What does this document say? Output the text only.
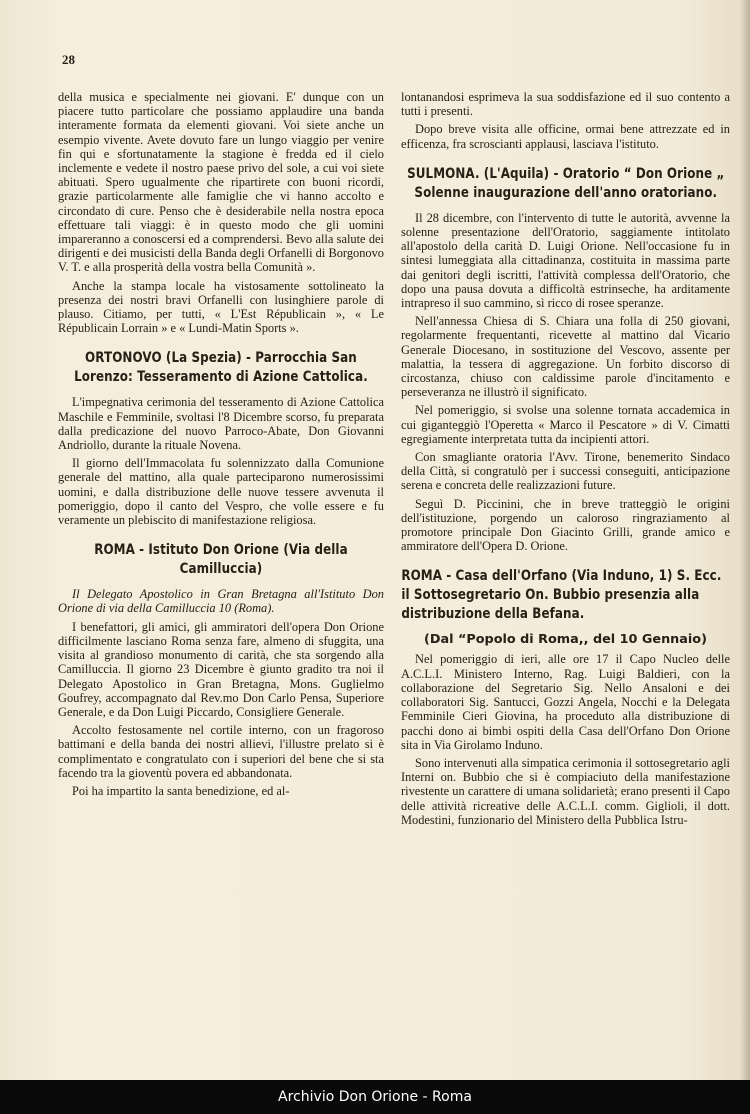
28

della musica e specialmente nei giovani. E' dunque con un piacere tutto particolare che possiamo applaudire una banda interamente formata da elementi giovani. Voi siete anche un esempio vivente. Avete dovuto fare un lungo viaggio per venire fin qui e sfortunatamente la stagione è fredda ed il cielo inclemente e vedete il nostro paese privo del sole, a cui voi siete abituati. Spero ugualmente che ripartirete con buoni ricordi, grazie particolarmente alle famiglie che vi hanno accolto e circondato di cure. Penso che è desiderabile nella nostra epoca effettuare tali viaggi: è in questo modo che gli uomini impareranno a conoscersi ed a comprendersi. Bevo alla salute dei dirigenti e dei musicisti della Banda degli Orfanelli di Borgonovo V. T. e alla prosperità della vostra bella Comunità ».

Anche la stampa locale ha vistosamente sottolineato la presenza dei nostri bravi Orfanelli con lusinghiere parole di plauso. Citiamo, per tutti, « L'Est Républicain », « Le Républicain Lorrain » e « Lundi-Matin Sports ».

ORTONOVO (La Spezia) - Parrocchia San Lorenzo: Tesseramento di Azione Cattolica.

L'impegnativa cerimonia del tesseramento di Azione Cattolica Maschile e Femminile, svoltasi l'8 Dicembre scorso, fu preparata dalla predicazione del nuovo Parroco-Abate, Don Giovanni Andriollo, durante la rituale Novena.

Il giorno dell'Immacolata fu solennizzato dalla Comunione generale del mattino, alla quale parteciparono numerosissimi uomini, e dalla distribuzione delle nuove tessere avvenuta il pomeriggio, dopo il canto del Vespro, che volle essere e fu veramente un plebiscito di manifestazione religiosa.

ROMA - Istituto Don Orione (Via della Camilluccia)

Il Delegato Apostolico in Gran Bretagna all'Istituto Don Orione di via della Camilluccia 10 (Roma).

I benefattori, gli amici, gli ammiratori dell'opera Don Orione difficilmente lasciano Roma senza fare, almeno di sfuggita, una visita al grandioso monumento di carità, che sta sorgendo alla Camilluccia. Il giorno 23 Dicembre è giunto gradito tra noi il Delegato Apostolico in Gran Bretagna, Mons. Guglielmo Goufrey, accompagnato dal Rev.mo Don Carlo Pensa, Superiore Generale, e da Don Luigi Piccardo, Consigliere Generale.

Accolto festosamente nel cortile interno, con un fragoroso battimani e della banda dei nostri allievi, l'illustre prelato si è complimentato e congratulato con i superiori del bene che si sta facendo tra la gioventù povera ed abbandonata.

Poi ha impartito la santa benedizione, ed al-

lontanandosi esprimeva la sua soddisfazione ed il suo contento a tutti i presenti.

Dopo breve visita alle officine, ormai bene attrezzate ed in efficenza, fra scroscianti applausi, lasciava l'istituto.

SULMONA. (L'Aquila) - Oratorio “ Don Orione „ Solenne inaugurazione dell'anno oratoriano.

Il 28 dicembre, con l'intervento di tutte le autorità, avvenne la solenne presentazione dell'Oratorio, saggiamente intitolato all'apostolo della carità D. Luigi Orione. Nell'occasione fu in sintesi lumeggiata alla cittadinanza, costituita in massima parte dai genitori degli iscritti, l'attività complessa dell'Oratorio, che dopo una pausa dovuta a difficoltà estrinseche, ha arditamente intrapreso il suo cammino, sì ricco di rosee speranze.

Nell'annessa Chiesa di S. Chiara una folla di 250 giovani, regolarmente frequentanti, ricevette al mattino dal Vicario Generale Diocesano, in sostituzione del Vescovo, assente per malattia, la tessera di aggregazione. Un forbito discorso di circostanza, chiuso con caldissime parole d'incitamento e perseveranza ne illustrò il significato.

Nel pomeriggio, si svolse una solenne tornata accademica in cui giganteggiò l'Operetta « Marco il Pescatore » di V. Cimatti egregiamente interpretata tutta da incipienti attori.

Con smagliante oratoria l'Avv. Tirone, benemerito Sindaco della Città, si congratulò per i successi conseguiti, anticipazione serena e concreta delle realizzazioni future.

Seguì D. Piccinini, che in breve tratteggiò le origini dell'istituzione, porgendo un caloroso ringraziamento al promotore principale Don Giacinto Grilli, grande amico e ammiratore dell'Opera D. Orione.

ROMA - Casa dell'Orfano (Via Induno, 1) S. Ecc. il Sottosegretario On. Bubbio presenzia alla distribuzione della Befana.
(Dal “Popolo di Roma,, del 10 Gennaio)

Nel pomeriggio di ieri, alle ore 17 il Capo Nucleo delle A.C.L.I. Ministero Interno, Rag. Luigi Baldieri, con la collaborazione del Segretario Sig. Nello Ansaloni e dei collaboratori Sig. Santucci, Gozzi Angela, Nocchi e la Delegata Femminile Cieri Giovina, ha proceduto alla distribuzione di pacchi dono ai bimbi ospiti della Casa dell'Orfano Don Orione sita in Via Girolamo Induno.

Sono intervenuti alla simpatica cerimonia il sottosegretario agli Interni on. Bubbio che si è compiaciuto della manifestazione rivestente un carattere di umana solidarietà; erano presenti il Capo delle attività ricreative delle A.C.L.I. comm. Giglioli, il dott. Modestini, funzionario del Ministero della Pubblica Istru-

Archivio Don Orione - Roma
